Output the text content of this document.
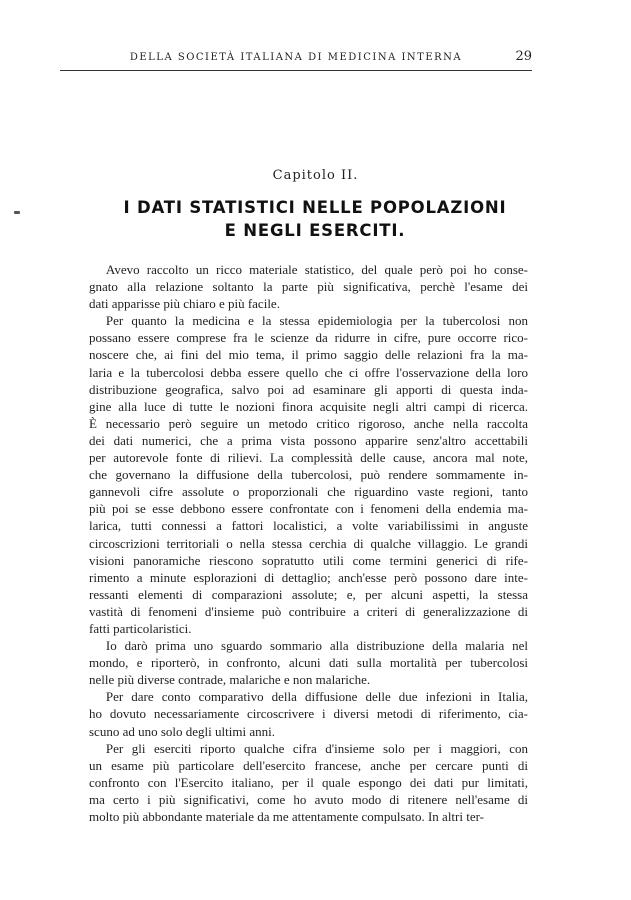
DELLA SOCIETÀ ITALIANA DI MEDICINA INTERNA	29
Capitolo II.
I DATI STATISTICI NELLE POPOLAZIONI
E NEGLI ESERCITI.
Avevo raccolto un ricco materiale statistico, del quale però poi ho conse-
gnato alla relazione soltanto la parte più significativa, perchè l'esame dei
dati apparisse più chiaro e più facile.
Per quanto la medicina e la stessa epidemiologia per la tubercolosi non
possano essere comprese fra le scienze da ridurre in cifre, pure occorre rico-
noscere che, ai fini del mio tema, il primo saggio delle relazioni fra la ma-
laria e la tubercolosi debba essere quello che ci offre l'osservazione della loro
distribuzione geografica, salvo poi ad esaminare gli apporti di questa inda-
gine alla luce di tutte le nozioni finora acquisite negli altri campi di ricerca.
È necessario però seguire un metodo critico rigoroso, anche nella raccolta
dei dati numerici, che a prima vista possono apparire senz'altro accettabili
per autorevole fonte di rilievi. La complessità delle cause, ancora mal note,
che governano la diffusione della tubercolosi, può rendere sommamente in-
gannevoli cifre assolute o proporzionali che riguardino vaste regioni, tanto
più poi se esse debbono essere confrontate con i fenomeni della endemia ma-
larica, tutti connessi a fattori localistici, a volte variabilissimi in anguste
circoscrizioni territoriali o nella stessa cerchia di qualche villaggio. Le grandi
visioni panoramiche riescono sopratutto utili come termini generici di rife-
rimento a minute esplorazioni di dettaglio; anch'esse però possono dare inte-
ressanti elementi di comparazioni assolute; e, per alcuni aspetti, la stessa
vastità di fenomeni d'insieme può contribuire a criteri di generalizzazione di
fatti particolaristici.
Io darò prima uno sguardo sommario alla distribuzione della malaria nel
mondo, e riporterò, in confronto, alcuni dati sulla mortalità per tubercolosi
nelle più diverse contrade, malariche e non malariche.
Per dare conto comparativo della diffusione delle due infezioni in Italia,
ho dovuto necessariamente circoscrivere i diversi metodi di riferimento, cia-
scuno ad uno solo degli ultimi anni.
Per gli eserciti riporto qualche cifra d'insieme solo per i maggiori, con
un esame più particolare dell'esercito francese, anche per cercare punti di
confronto con l'Esercito italiano, per il quale espongo dei dati pur limitati,
ma certo i più significativi, come ho avuto modo di ritenere nell'esame di
molto più abbondante materiale da me attentamente compulsato. In altri ter-
